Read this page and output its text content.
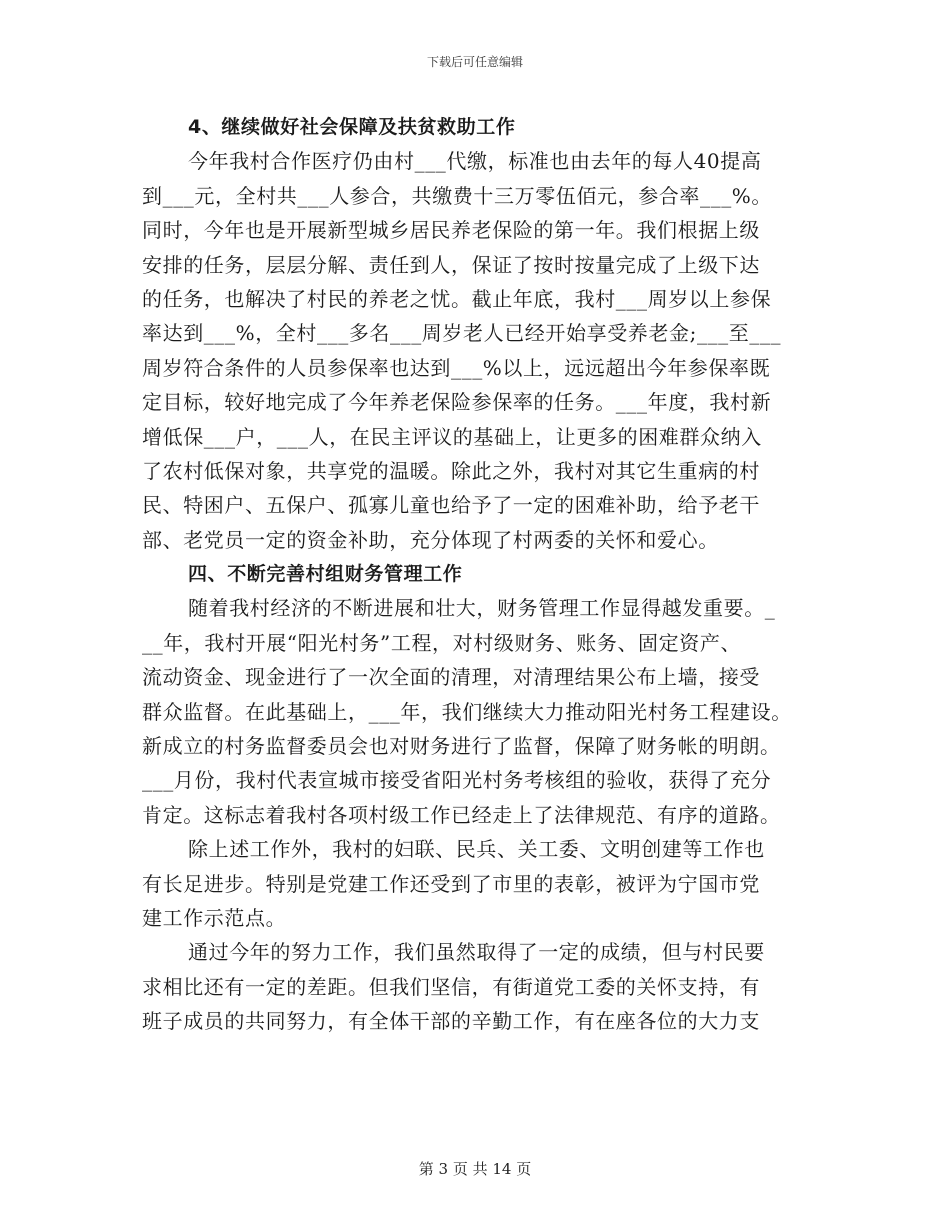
下载后可任意编辑
4、继续做好社会保障及扶贫救助工作
今年我村合作医疗仍由村___代缴，标准也由去年的每人40提高
到___元，全村共___人参合，共缴费十三万零伍佰元，参合率___%。
同时，今年也是开展新型城乡居民养老保险的第一年。我们根据上级
安排的任务，层层分解、责任到人，保证了按时按量完成了上级下达
的任务，也解决了村民的养老之忧。截止年底，我村___周岁以上参保
率达到___%，全村___多名___周岁老人已经开始享受养老金;___至___
周岁符合条件的人员参保率也达到___%以上，远远超出今年参保率既
定目标，较好地完成了今年养老保险参保率的任务。___年度，我村新
增低保___户，___人，在民主评议的基础上，让更多的困难群众纳入
了农村低保对象，共享党的温暖。除此之外，我村对其它生重病的村
民、特困户、五保户、孤寡儿童也给予了一定的困难补助，给予老干
部、老党员一定的资金补助，充分体现了村两委的关怀和爱心。
四、不断完善村组财务管理工作
随着我村经济的不断进展和壮大，财务管理工作显得越发重要。_
__年，我村开展“阳光村务”工程，对村级财务、账务、固定资产、
流动资金、现金进行了一次全面的清理，对清理结果公布上墙，接受
群众监督。在此基础上，___年，我们继续大力推动阳光村务工程建设。
新成立的村务监督委员会也对财务进行了监督，保障了财务帐的明朗。
___月份，我村代表宣城市接受省阳光村务考核组的验收，获得了充分
肯定。这标志着我村各项村级工作已经走上了法律规范、有序的道路。
除上述工作外，我村的妇联、民兵、关工委、文明创建等工作也
有长足进步。特别是党建工作还受到了市里的表彰，被评为宁国市党
建工作示范点。
通过今年的努力工作，我们虽然取得了一定的成绩，但与村民要
求相比还有一定的差距。但我们坚信，有街道党工委的关怀支持，有
班子成员的共同努力，有全体干部的辛勤工作，有在座各位的大力支
第 3 页 共 14 页
